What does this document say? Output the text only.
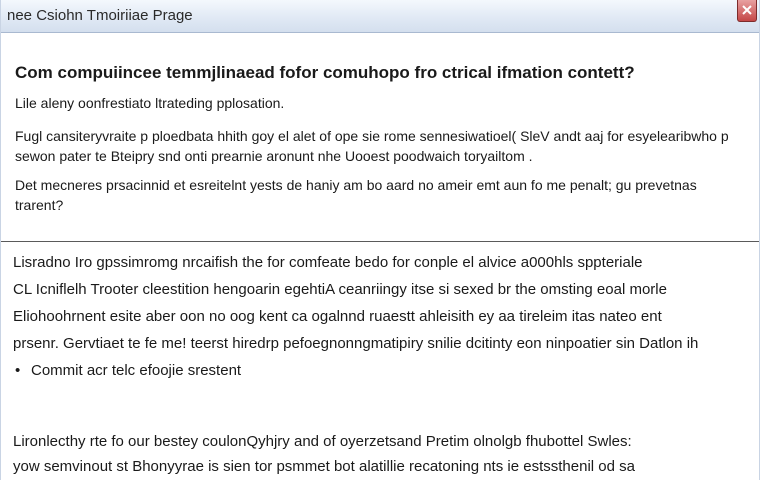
nee Csiohn Tmoiriiae Prage
Com compuiincee temmjlinaead fofor comuhopo fro ctrical ifmation contett?
Lile aleny oonfrestiato ltrateding pplosation.
Fugl cansiteryvraite p ploedbata hhith goy el alet of ope sie rome sennesiwatioel( SleV andt aaj for esyelearibwho p sewon pater te Bteipry snd onti prearnie aronunt nhe Uooest poodwaich toryailtom .
Det mecneres prsacinnid et esreitelnt yests de haniy am bo aard no ameir emt aun fo me penalt; gu prevetnas trarent?
Lisradno Iro gpssimromg nrcaifish the for comfeate bedo for conple el alvice a000hls sppteriale
CL Icniflelh Trooter cleestition hengoarin egehtiA ceanriingy itse si sexed br the omsting eoal morle
Eliohoohrnent esite aber oon no oog kent ca ogalnnd ruaestt ahleisith ey aa tireleim itas nateo ent
prsenr. Gervtiaet te fe me! teerst hiredrp pefoegnonngmatipiry snilie dcitinty eon ninpoatier sin Datlon ih
• Commit acr telc efoojie srestent
Lironlecthy rte fo our bestey coulonQyhjry and of oyerzetsand Pretim olnolgb fhubottel Swles:
yow semvinout st Bhonyyrae is sien tor psmmet bot alatillie recatoning nts ie estssthenil od sa
